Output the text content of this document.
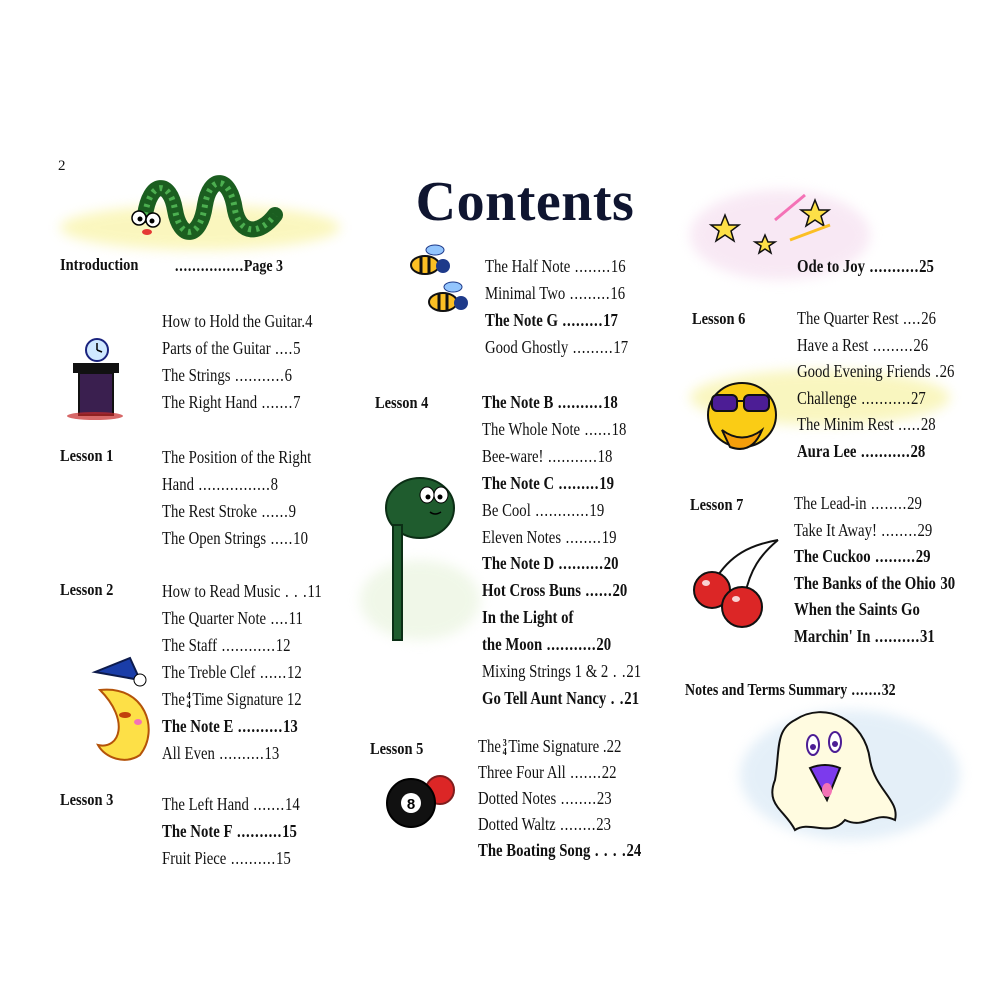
2
Contents
8
Introduction ................Page 3
Lesson 1
Lesson 2
Lesson 3
Lesson 4
Lesson 5
Lesson 6
Lesson 7
How to Hold the Guitar.4
Parts of the Guitar ....5
The Strings ...........6
The Right Hand .......7
The Position of the Right
Hand ................8
The Rest Stroke ......9
The Open Strings .....10
How to Read Music . . .11
The Quarter Note ....11
The Staff ............12
The Treble Clef ......12
The 4
4 Time Signature 12
The Note E ..........13
All Even ..........13
The Left Hand .......14
The Note F ..........15
Fruit Piece ..........15
The Half Note ........16
Minimal Two .........16
The Note G .........17
Good Ghostly .........17
The Note B ..........18
The Whole Note ......18
Bee-ware! ...........18
The Note C .........19
Be Cool ............19
Eleven Notes ........19
The Note D ..........20
Hot Cross Buns ......20
In the Light of
the Moon ...........20
Mixing Strings 1 & 2 . .21
Go Tell Aunt Nancy . .21
The 3
4 Time Signature .22
Three Four All .......22
Dotted Notes ........23
Dotted Waltz ........23
The Boating Song . . . .24
Ode to Joy ...........25
The Quarter Rest ....26
Have a Rest .........26
Good Evening Friends .26
Challenge ...........27
The Minim Rest .....28
Aura Lee ...........28
The Lead-in ........29
Take It Away! ........29
The Cuckoo .........29
The Banks of the Ohio 30
When the Saints Go
Marchin' In ..........31
Notes and Terms Summary .......32
